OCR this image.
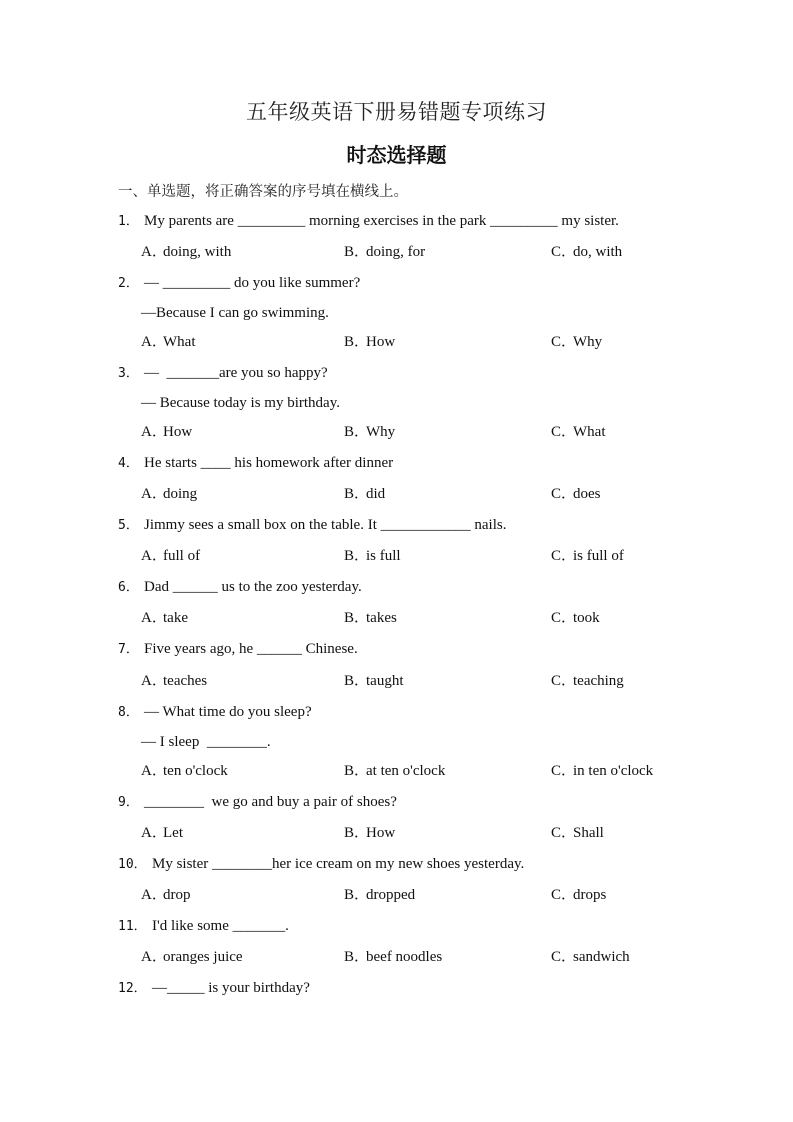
五年级英语下册易错题专项练习
时态选择题
一、单选题，将正确答案的序号填在横线上。
1． My parents are _________ morning exercises in the park _________ my sister.
A．doing, with	B．doing, for	C．do, with
2． — _________ do you like summer?
—Because I can go swimming.
A．What	B．How	C．Why
3． —  _______are you so happy?
— Because today is my birthday.
A．How	B．Why	C．What
4． He starts ____ his homework after dinner
A．doing	B．did	C．does
5． Jimmy sees a small box on the table. It ____________ nails.
A．full of	B．is full	C．is full of
6． Dad ______ us to the zoo yesterday.
A．take	B．takes	C．took
7． Five years ago, he ______ Chinese.
A．teaches	B．taught	C．teaching
8． — What time do you sleep?
— I sleep  ________.
A．ten o'clock	B．at ten o'clock	C．in ten o'clock
9． ________  we go and buy a pair of shoes?
A．Let	B．How	C．Shall
10． My sister ________her ice cream on my new shoes yesterday.
A．drop	B．dropped	C．drops
11． I'd like some _______.
A．oranges juice	B．beef noodles	C．sandwich
12． —_____ is your birthday?
